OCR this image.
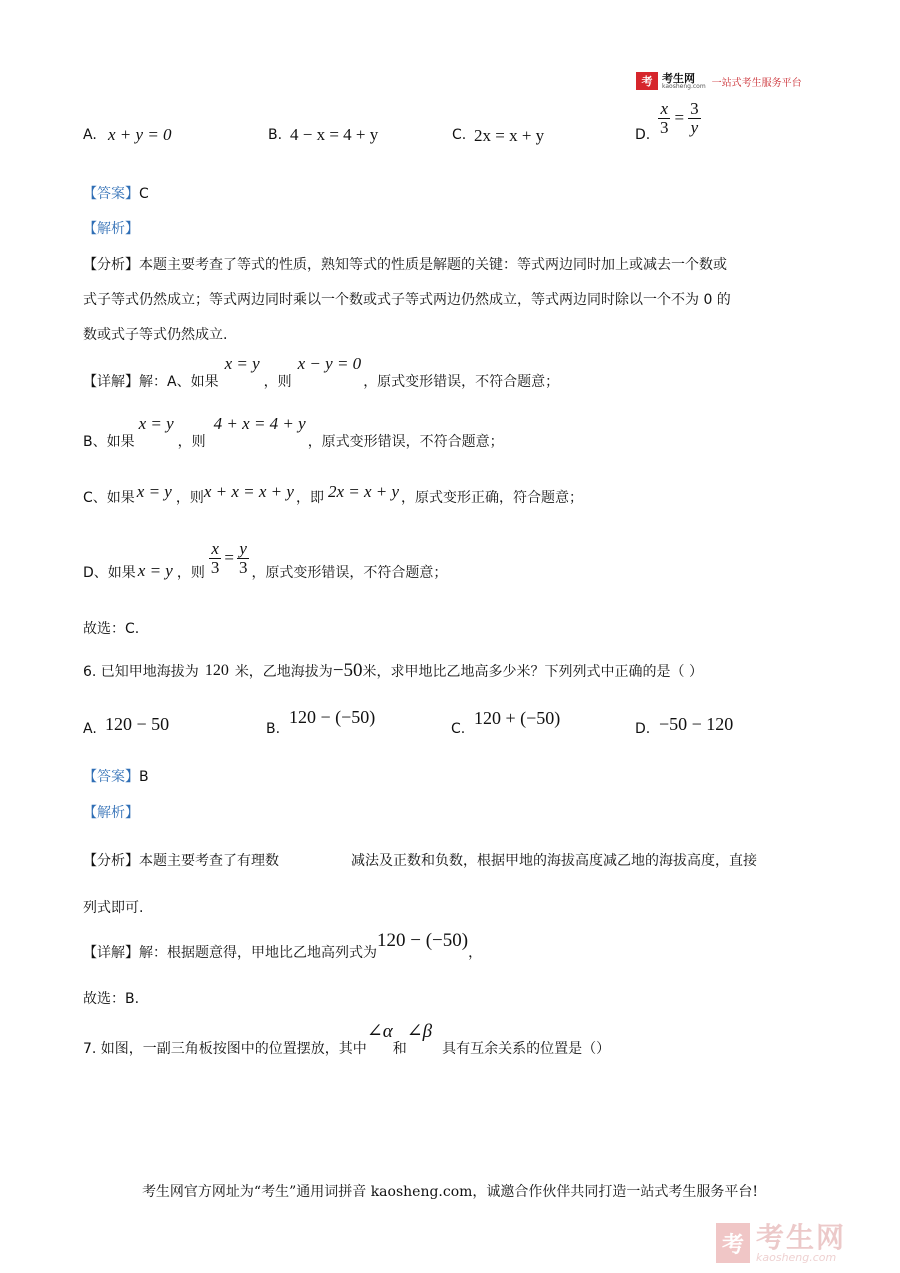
考 考生网
kaosheng.com 一站式考生服务平台
A. x + y = 0	B. 4 − x = 4 + y	C. 2x = x + y	D. $\frac{x}{3} = \frac{3}{y}$
【答案】C
【解析】
【分析】本题主要考查了等式的性质，熟知等式的性质是解题的关键：等式两边同时加上或减去一个数或
式子等式仍然成立；等式两边同时乘以一个数或式子等式两边仍然成立，等式两边同时除以一个不为 0 的
数或式子等式仍然成立.
【详解】解：A、如果
x = y
，则
x − y = 0
，原式变形错误，不符合题意；
B、如果
x = y
，则
4 + x = 4 + y
，原式变形错误，不符合题意；
C、如果 x = y ，则 x + x = x + y ，即 2x = x + y ，原式变形正确，符合题意；
D、如果 x = y ，则 $\frac{x}{3} = \frac{y}{3}$ ，原式变形错误，不符合题意；
故选：C.
6. 已知甲地海拔为 120 米，乙地海拔为 −50 米，求甲地比乙地高多少米？下列列式中正确的是（ ）
A. 120 − 50	B.
120 − (−50)
C.
120 + (−50)
D. −50 − 120
【答案】B
【解析】
【分析】本题主要考查了有理数	减法及正数和负数，根据甲地的海拔高度减乙地的海拔高度，直接
列式即可.
【详解】解：根据题意得，甲地比乙地高列式为
120 − (−50)
，
故选：B.
7. 如图，一副三角板按图中的位置摆放，其中
∠α
和
∠β
具有互余关系的位置是（）
考生网官方网址为“考生”通用词拼音 kaosheng.com，诚邀合作伙伴共同打造一站式考生服务平台!
考 考生网
kaosheng.com
